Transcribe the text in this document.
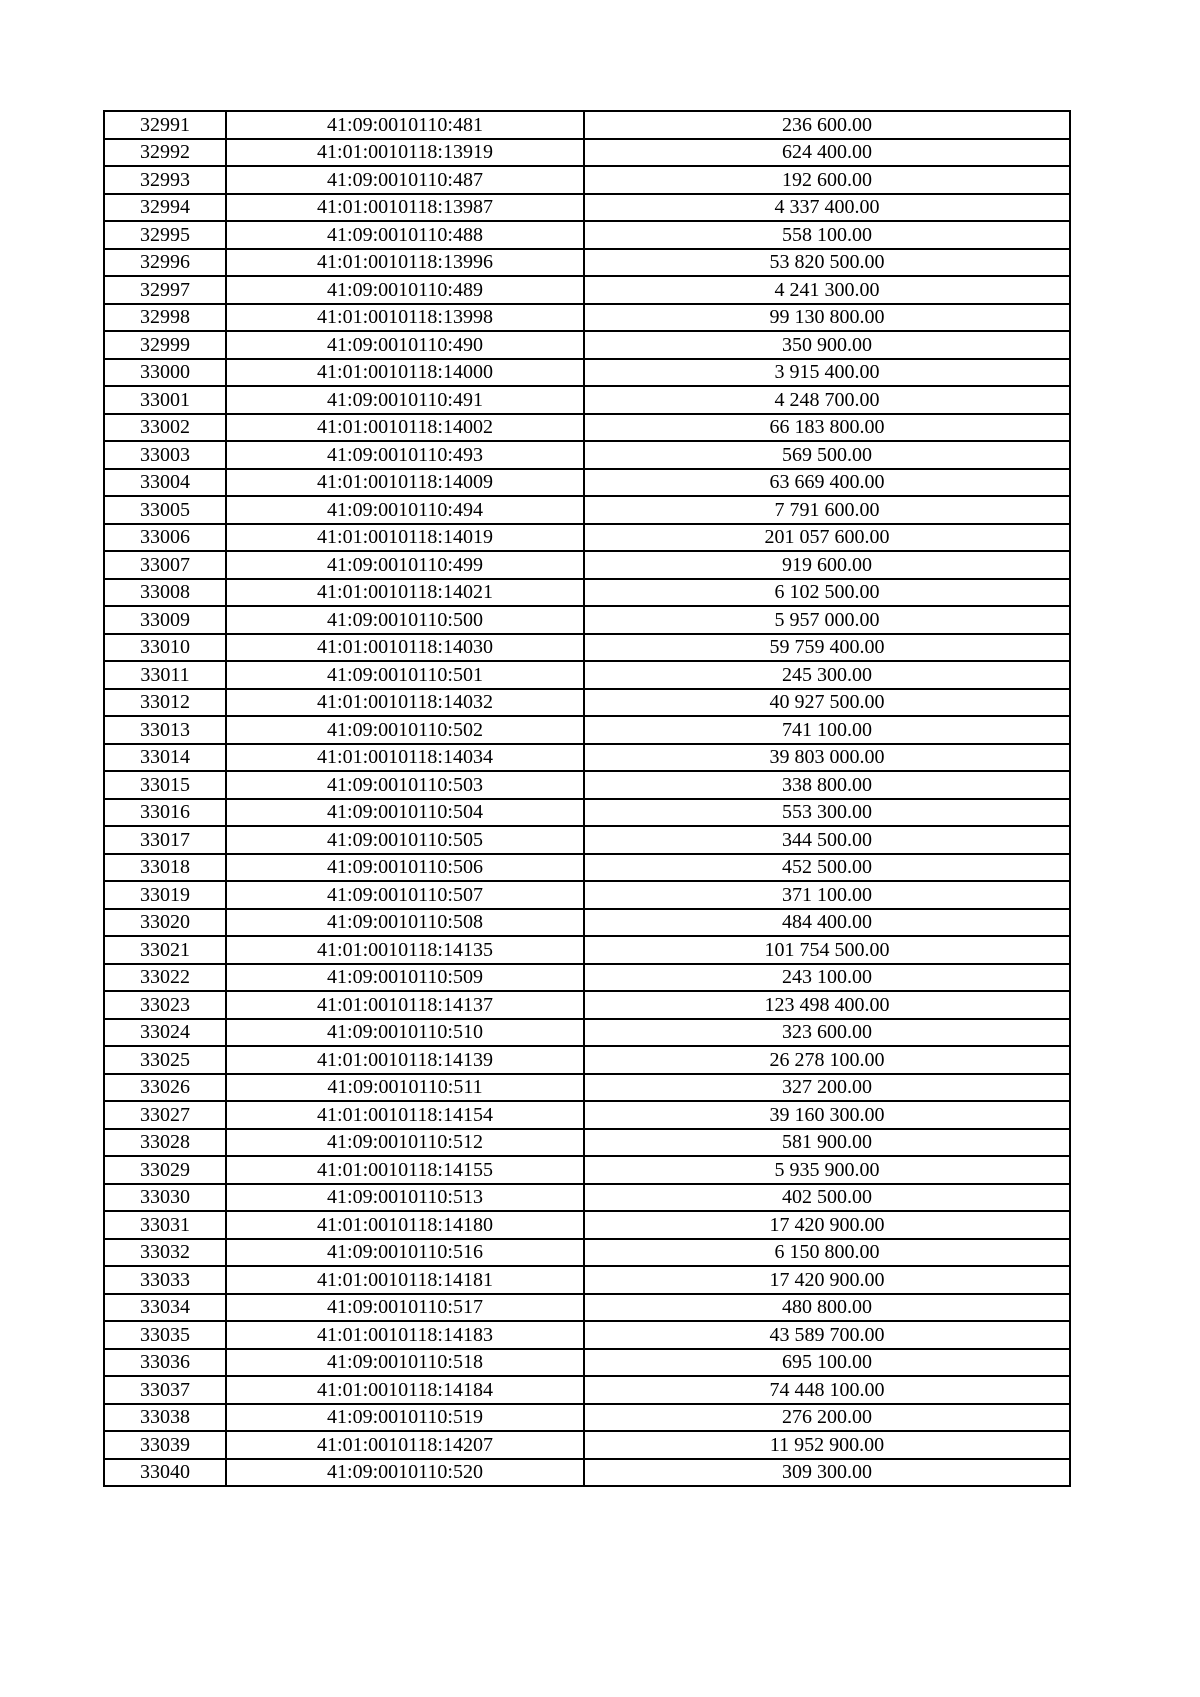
32991	41:09:0010110:481	236 600.00
32992	41:01:0010118:13919	624 400.00
32993	41:09:0010110:487	192 600.00
32994	41:01:0010118:13987	4 337 400.00
32995	41:09:0010110:488	558 100.00
32996	41:01:0010118:13996	53 820 500.00
32997	41:09:0010110:489	4 241 300.00
32998	41:01:0010118:13998	99 130 800.00
32999	41:09:0010110:490	350 900.00
33000	41:01:0010118:14000	3 915 400.00
33001	41:09:0010110:491	4 248 700.00
33002	41:01:0010118:14002	66 183 800.00
33003	41:09:0010110:493	569 500.00
33004	41:01:0010118:14009	63 669 400.00
33005	41:09:0010110:494	7 791 600.00
33006	41:01:0010118:14019	201 057 600.00
33007	41:09:0010110:499	919 600.00
33008	41:01:0010118:14021	6 102 500.00
33009	41:09:0010110:500	5 957 000.00
33010	41:01:0010118:14030	59 759 400.00
33011	41:09:0010110:501	245 300.00
33012	41:01:0010118:14032	40 927 500.00
33013	41:09:0010110:502	741 100.00
33014	41:01:0010118:14034	39 803 000.00
33015	41:09:0010110:503	338 800.00
33016	41:09:0010110:504	553 300.00
33017	41:09:0010110:505	344 500.00
33018	41:09:0010110:506	452 500.00
33019	41:09:0010110:507	371 100.00
33020	41:09:0010110:508	484 400.00
33021	41:01:0010118:14135	101 754 500.00
33022	41:09:0010110:509	243 100.00
33023	41:01:0010118:14137	123 498 400.00
33024	41:09:0010110:510	323 600.00
33025	41:01:0010118:14139	26 278 100.00
33026	41:09:0010110:511	327 200.00
33027	41:01:0010118:14154	39 160 300.00
33028	41:09:0010110:512	581 900.00
33029	41:01:0010118:14155	5 935 900.00
33030	41:09:0010110:513	402 500.00
33031	41:01:0010118:14180	17 420 900.00
33032	41:09:0010110:516	6 150 800.00
33033	41:01:0010118:14181	17 420 900.00
33034	41:09:0010110:517	480 800.00
33035	41:01:0010118:14183	43 589 700.00
33036	41:09:0010110:518	695 100.00
33037	41:01:0010118:14184	74 448 100.00
33038	41:09:0010110:519	276 200.00
33039	41:01:0010118:14207	11 952 900.00
33040	41:09:0010110:520	309 300.00
